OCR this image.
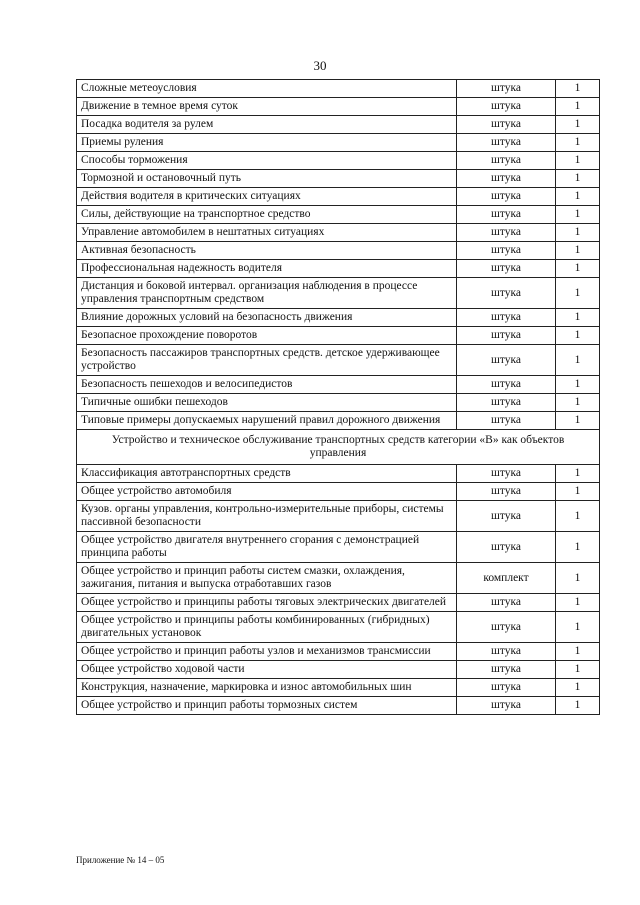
30
Сложные метеоусловия	штука	1
Движение в темное время суток	штука	1
Посадка водителя за рулем	штука	1
Приемы руления	штука	1
Способы торможения	штука	1
Тормозной и остановочный путь	штука	1
Действия водителя в критических ситуациях	штука	1
Силы, действующие на транспортное средство	штука	1
Управление автомобилем в нештатных ситуациях	штука	1
Активная безопасность	штука	1
Профессиональная надежность водителя	штука	1
Дистанция и боковой интервал. организация наблюдения в процессе управления транспортным средством	штука	1
Влияние дорожных условий на безопасность движения	штука	1
Безопасное прохождение поворотов	штука	1
Безопасность пассажиров транспортных средств. детское удерживающее устройство	штука	1
Безопасность пешеходов и велосипедистов	штука	1
Типичные ошибки пешеходов	штука	1
Типовые примеры допускаемых нарушений правил дорожного движения	штука	1
Устройство и техническое обслуживание транспортных средств категории «В» как объектов управления		
Классификация автотранспортных средств	штука	1
Общее устройство автомобиля	штука	1
Кузов. органы управления, контрольно-измерительные приборы, системы пассивной безопасности	штука	1
Общее устройство двигателя внутреннего сгорания с демонстрацией принципа работы	штука	1
Общее устройство и принцип работы систем смазки, охлаждения, зажигания, питания и выпуска отработавших газов	комплект	1
Общее устройство и принципы работы тяговых электрических двигателей	штука	1
Общее устройство и принципы работы комбинированных (гибридных) двигательных установок	штука	1
Общее устройство и принцип работы узлов и механизмов трансмиссии	штука	1
Общее устройство ходовой части	штука	1
Конструкция, назначение, маркировка и износ автомобильных шин	штука	1
Общее устройство и принцип работы тормозных систем	штука	1
Приложение № 14 – 05
